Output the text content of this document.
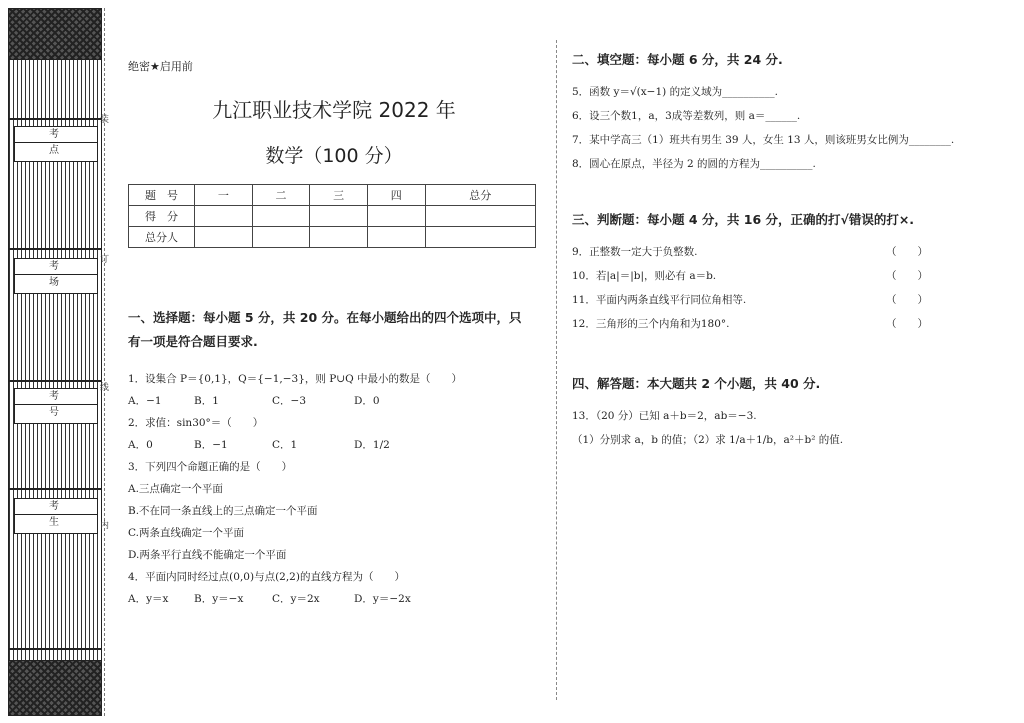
考 点
考 场
考 号
考 生
装
订
线
内
绝密★启用前
九江职业技术学院 2022 年
数学（100 分）
题　号	一	二	三	四	总分
得　分					
总分人					
一、选择题：每小题 5 分，共 20 分。在每小题给出的四个选项中，只
有一项是符合题目要求.
1．设集合 P＝{0,1}，Q＝{−1,−3}，则 P∪Q 中最小的数是（　　）
A．−1	B．1	C．−3	D．0
2．求值：sin30°＝（　　）
A．0	B．−1	C．1	D．1/2
3．下列四个命题正确的是（　　）
A.三点确定一个平面
B.不在同一条直线上的三点确定一个平面
C.两条直线确定一个平面
D.两条平行直线不能确定一个平面
4．平面内同时经过点(0,0)与点(2,2)的直线方程为（　　）
A．y＝x	B．y＝−x	C．y＝2x	D．y＝−2x
二、填空题：每小题 6 分，共 24 分.
5．函数 y＝√(x−1) 的定义域为__________.
6．设三个数1，a，3成等差数列，则 a＝______.
7．某中学高三（1）班共有男生 39 人，女生 13 人，则该班男女比例为________.
8．圆心在原点，半径为 2 的圆的方程为__________.
三、判断题：每小题 4 分，共 16 分，正确的打√错误的打×.
9．正整数一定大于负整数.	（　　）
10．若|a|＝|b|，则必有 a＝b.	（　　）
11．平面内两条直线平行同位角相等.	（　　）
12．三角形的三个内角和为180°.	（　　）
四、解答题：本大题共 2 个小题，共 40 分.
13．（20 分）已知 a＋b＝2，ab＝−3.
（1）分别求 a，b 的值；（2）求 1/a＋1/b，a²＋b² 的值.
